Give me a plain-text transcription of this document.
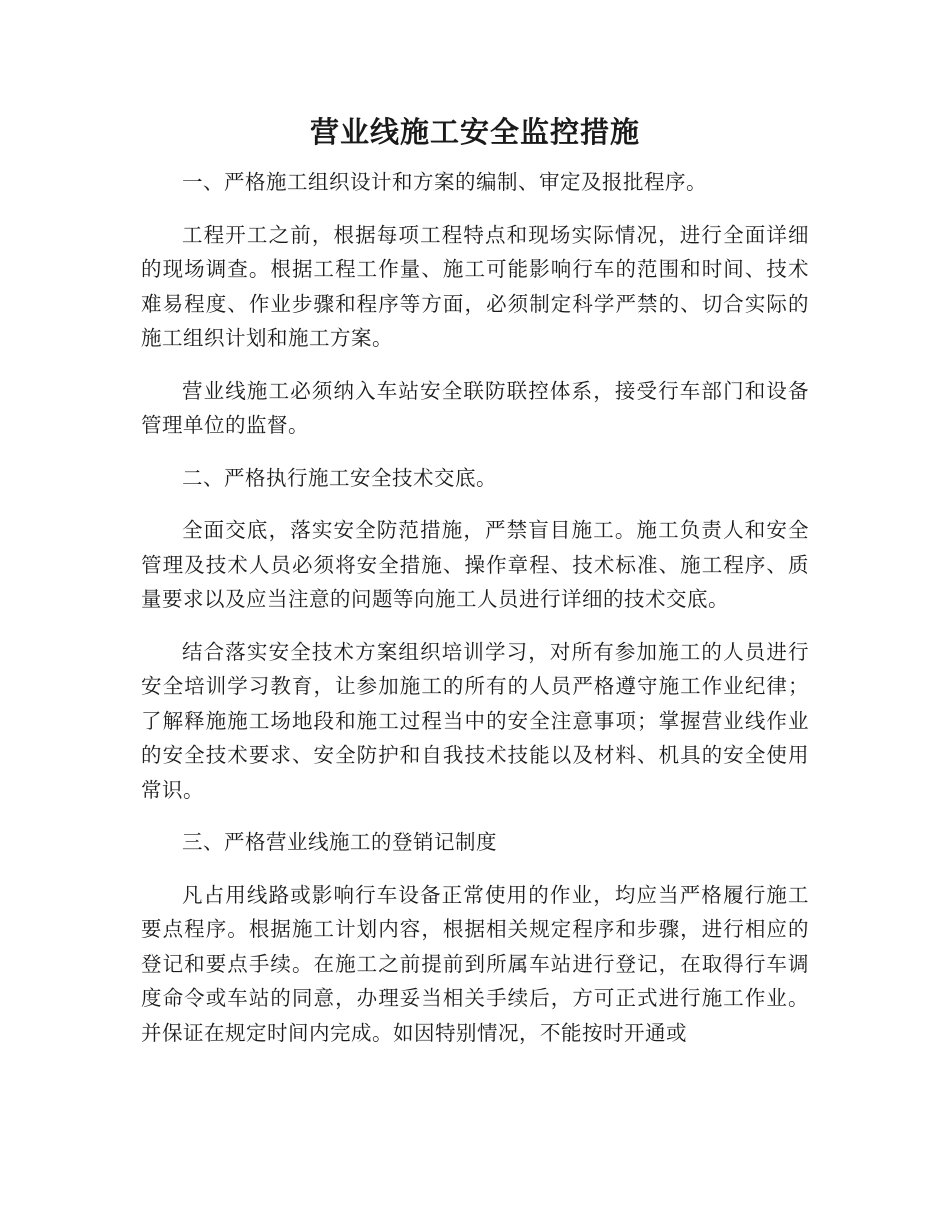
营业线施工安全监控措施

一、严格施工组织设计和方案的编制、审定及报批程序。

工程开工之前，根据每项工程特点和现场实际情况，进行全面详细的现场调查。根据工程工作量、施工可能影响行车的范围和时间、技术难易程度、作业步骤和程序等方面，必须制定科学严禁的、切合实际的施工组织计划和施工方案。

营业线施工必须纳入车站安全联防联控体系，接受行车部门和设备管理单位的监督。

二、严格执行施工安全技术交底。

全面交底，落实安全防范措施，严禁盲目施工。施工负责人和安全管理及技术人员必须将安全措施、操作章程、技术标准、施工程序、质量要求以及应当注意的问题等向施工人员进行详细的技术交底。

结合落实安全技术方案组织培训学习，对所有参加施工的人员进行安全培训学习教育，让参加施工的所有的人员严格遵守施工作业纪律；了解释施施工场地段和施工过程当中的安全注意事项；掌握营业线作业的安全技术要求、安全防护和自我技术技能以及材料、机具的安全使用常识。

三、严格营业线施工的登销记制度

凡占用线路或影响行车设备正常使用的作业，均应当严格履行施工要点程序。根据施工计划内容，根据相关规定程序和步骤，进行相应的登记和要点手续。在施工之前提前到所属车站进行登记，在取得行车调度命令或车站的同意，办理妥当相关手续后，方可正式进行施工作业。并保证在规定时间内完成。如因特别情况，不能按时开通或
